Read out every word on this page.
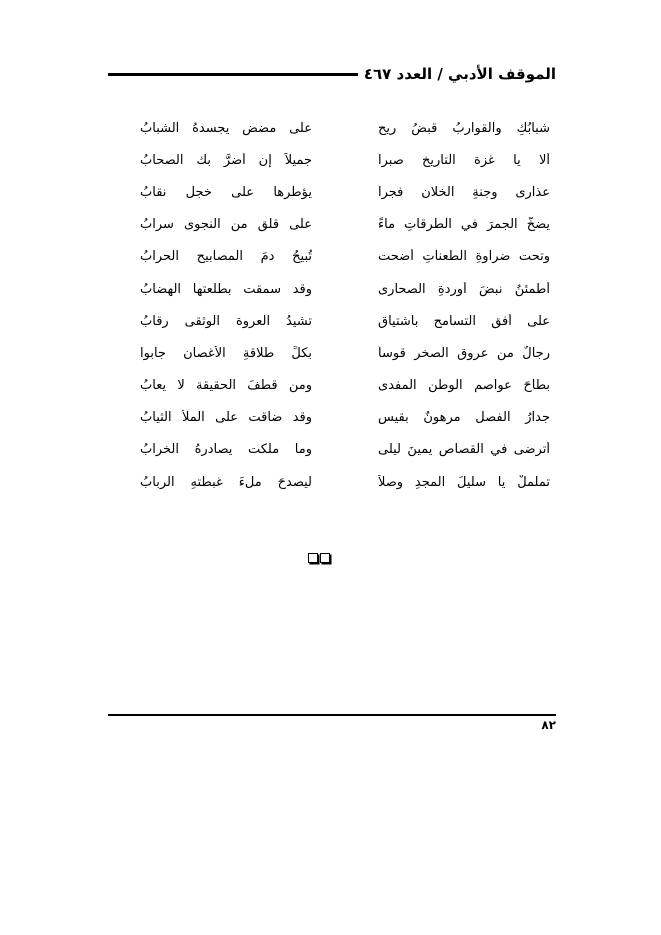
الموقف الأدبي / العدد ٤٦٧
شبابُكِ والقواربُ قبضُ ريح
على مضض يجسدهُ الشبابُ
ألا يا غزة التاريخ صبراً
جميلاً إن أضرَّ بك الصحابُ
عذارى وجنةِ الخلان فجراً
يؤطرها على خجل نقابُ
يضخُّ الجمرَ في الطرقاتِ ماءً
على قلق من النجوى سرابُ
وتحت ضراوةِ الطعناتِ أضحت
تُبيحُ دمَ المصابيحِ الحرابُ
أطمئنُ نبضَ أوردةِ الصحارى
وقد سمقت بطلعتها الهضابُ
على أفق التسامح باشتياق
تشيدُ العروة الوثقى رقابُ
رجالٌ من عروق الصخر قوساً
بكلِّ طلاقةِ الأغصان جابوا
بطاحَ عواصم الوطن المفدى
ومن قطفَ الحقيقة لا يعابُ
جدارُ الفصل مرهونٌ بقيس
وقد ضاقت على الملأ الثيابُ
أترضى في القصاص يمينَ ليلى
وما ملكت يصادرهُ الخرابُ
تململْ يا سليلَ المجدِ وصلاً
ليصدحَ ملءَ غبطتهِ الربابُ
٨٢
